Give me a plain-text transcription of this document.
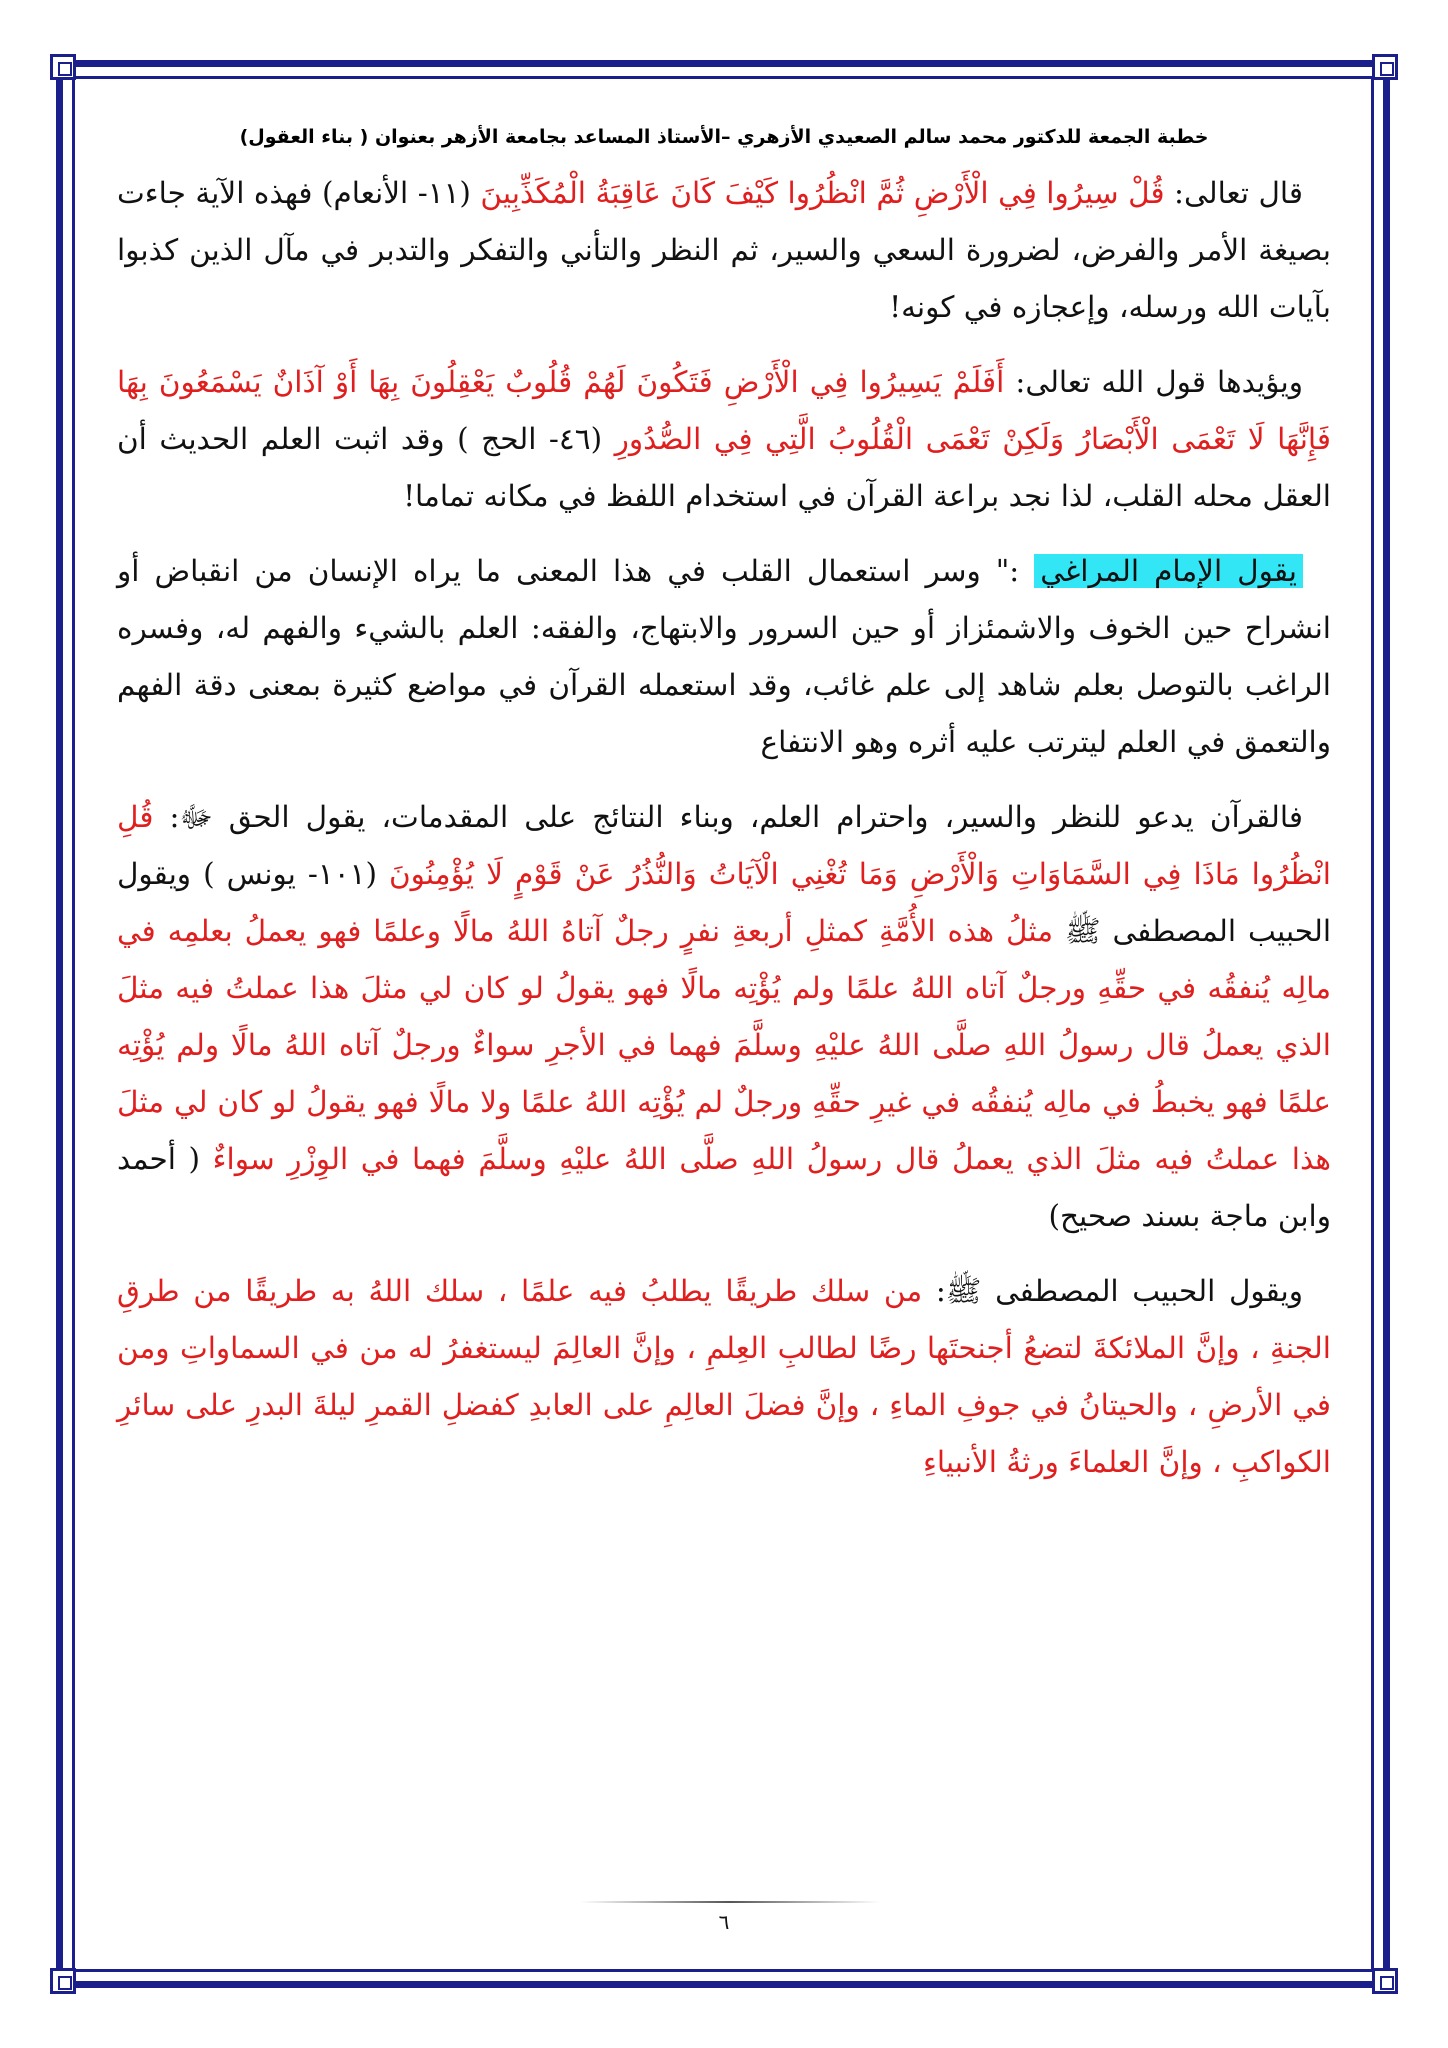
خطبة الجمعة للدكتور محمد سالم الصعيدي الأزهري –الأستاذ المساعد بجامعة الأزهر بعنوان ( بناء العقول)

قال تعالى: قُلْ سِيرُوا فِي الْأَرْضِ ثُمَّ انْظُرُوا كَيْفَ كَانَ عَاقِبَةُ الْمُكَذِّبِينَ (١١- الأنعام) فهذه الآية جاءت بصيغة الأمر والفرض، لضرورة السعي والسير، ثم النظر والتأني والتفكر والتدبر في مآل الذين كذبوا بآيات الله ورسله، وإعجازه في كونه!

ويؤيدها قول الله تعالى: أَفَلَمْ يَسِيرُوا فِي الْأَرْضِ فَتَكُونَ لَهُمْ قُلُوبٌ يَعْقِلُونَ بِهَا أَوْ آذَانٌ يَسْمَعُونَ بِهَا فَإِنَّهَا لَا تَعْمَى الْأَبْصَارُ وَلَكِنْ تَعْمَى الْقُلُوبُ الَّتِي فِي الصُّدُورِ (٤٦- الحج ) وقد اثبت العلم الحديث أن العقل محله القلب، لذا نجد براعة القرآن في استخدام اللفظ في مكانه تماما!

يقول الإمام المراغي :" وسر استعمال القلب في هذا المعنى ما يراه الإنسان من انقباض أو انشراح حين الخوف والاشمئزاز أو حين السرور والابتهاج، والفقه: العلم بالشيء والفهم له، وفسره الراغب بالتوصل بعلم شاهد إلى علم غائب، وقد استعمله القرآن في مواضع كثيرة بمعنى دقة الفهم والتعمق في العلم ليترتب عليه أثره وهو الانتفاع

فالقرآن يدعو للنظر والسير، واحترام العلم، وبناء النتائج على المقدمات، يقول الحق ﷻ: قُلِ انْظُرُوا مَاذَا فِي السَّمَاوَاتِ وَالْأَرْضِ وَمَا تُغْنِي الْآيَاتُ وَالنُّذُرُ عَنْ قَوْمٍ لَا يُؤْمِنُونَ (١٠١- يونس ) ويقول الحبيب المصطفى ﷺ مثلُ هذه الأُمَّةِ كمثلِ أربعةِ نفرٍ رجلٌ آتاهُ اللهُ مالًا وعلمًا فهو يعملُ بعلمِه في مالِه يُنفقُه في حقِّهِ ورجلٌ آتاه اللهُ علمًا ولم يُؤْتِه مالًا فهو يقولُ لو كان لي مثلَ هذا عملتُ فيه مثلَ الذي يعملُ قال رسولُ اللهِ صلَّى اللهُ عليْهِ وسلَّمَ فهما في الأجرِ سواءٌ ورجلٌ آتاه اللهُ مالًا ولم يُؤْتِه علمًا فهو يخبطُ في مالِه يُنفقُه في غيرِ حقِّهِ ورجلٌ لم يُؤْتِه اللهُ علمًا ولا مالًا فهو يقولُ لو كان لي مثلَ هذا عملتُ فيه مثلَ الذي يعملُ قال رسولُ اللهِ صلَّى اللهُ عليْهِ وسلَّمَ فهما في الوِزْرِ سواءٌ ( أحمد وابن ماجة بسند صحيح)

ويقول الحبيب المصطفى ﷺ: من سلك طريقًا يطلبُ فيه علمًا ، سلك اللهُ به طريقًا من طرقِ الجنةِ ، وإنَّ الملائكةَ لتضعُ أجنحتَها رضًا لطالبِ العِلمِ ، وإنَّ العالِمَ ليستغفرُ له من في السماواتِ ومن في الأرضِ ، والحيتانُ في جوفِ الماءِ ، وإنَّ فضلَ العالِمِ على العابدِ كفضلِ القمرِ ليلةَ البدرِ على سائرِ الكواكبِ ، وإنَّ العلماءَ ورثةُ الأنبياءِ

٦
